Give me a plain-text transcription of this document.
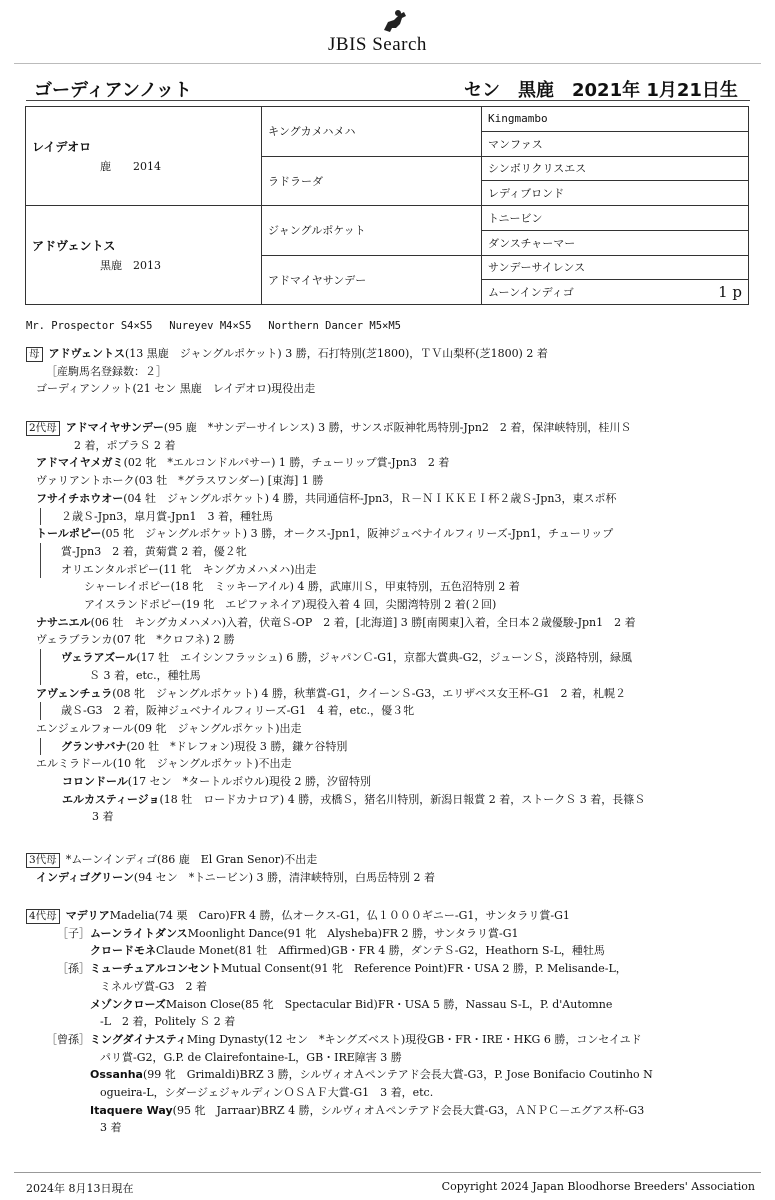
JBIS Search
ゴーディアンノット	セン　黒鹿　2021年 1月21日生
レイデオロ
鹿　　2014	キングカメハメハ	Kingmambo
		マンファス
	ラドラーダ	シンボリクリスエス
		レディブロンド

アドヴェントス
黒鹿　2013	ジャングルポケット	トニービン
		ダンスチャーマー
	アドマイヤサンデー	サンデーサイレンス

		ムーンインディゴ 1 p
Mr. Prospector S4×S5　 Nureyev M4×S5　 Northern Dancer M5×M5
母 アドヴェントス(13 黒鹿　ジャングルポケット) 3 勝，石打特別(芝1800)，ＴＶ山梨杯(芝1800) 2 着
［産駒馬名登録数：２］
ゴーディアンノット(21 セン 黒鹿　レイデオロ)現役出走
2代母 アドマイヤサンデー(95 鹿　*サンデーサイレンス) 3 勝，サンスポ阪神牝馬特別-Jpn2　2 着，保津峡特別，桂川Ｓ
2 着，ポプラＳ 2 着
アドマイヤメガミ(02 牝　*エルコンドルパサー) 1 勝，チューリップ賞-Jpn3　2 着
ヴァリアントホーク(03 牡　*グラスワンダー) [東海] 1 勝
フサイチホウオー(04 牡　ジャングルポケット) 4 勝，共同通信杯-Jpn3，Ｒ－ＮＩＫＫＥＩ杯２歳Ｓ-Jpn3，東スポ杯
２歳Ｓ-Jpn3，皐月賞-Jpn1　3 着，種牡馬
トールポピー(05 牝　ジャングルポケット) 3 勝，オークス-Jpn1，阪神ジュベナイルフィリーズ-Jpn1，チューリップ
賞-Jpn3　2 着，黄菊賞 2 着，優２牝
オリエンタルポピー(11 牝　キングカメハメハ)出走
シャーレイポピー(18 牝　ミッキーアイル) 4 勝，武庫川Ｓ，甲東特別，五色沼特別 2 着
アイスランドポピー(19 牝　エピファネイア)現役入着 4 回，尖閣湾特別 2 着(２回)
ナサニエル(06 牡　キングカメハメハ)入着，伏竜Ｓ-OP　2 着，[北海道] 3 勝[南関東]入着，全日本２歳優駿-Jpn1　2 着
ヴェラブランカ(07 牝　*クロフネ) 2 勝
ヴェラアズール(17 牡　エイシンフラッシュ) 6 勝，ジャパンＣ-G1，京都大賞典-G2，ジューンＳ，淡路特別，緑風
Ｓ 3 着，etc.，種牡馬
アヴェンチュラ(08 牝　ジャングルポケット) 4 勝，秋華賞-G1，クイーンＳ-G3，エリザベス女王杯-G1　2 着，札幌２
歳Ｓ-G3　2 着，阪神ジュベナイルフィリーズ-G1　4 着，etc.，優３牝
エンジェルフォール(09 牝　ジャングルポケット)出走
グランサバナ(20 牡　*ドレフォン)現役 3 勝，鎌ケ谷特別
エルミラドール(10 牝　ジャングルポケット)不出走
コロンドール(17 セン　*タートルボウル)現役 2 勝，汐留特別
エルカスティージョ(18 牡　ロードカナロア) 4 勝，戎橋Ｓ，猪名川特別，新潟日報賞 2 着，ストークＳ 3 着，長篠Ｓ
3 着
3代母 *ムーンインディゴ(86 鹿　El Gran Senor)不出走
インディゴグリーン(94 セン　*トニービン) 3 勝，清津峡特別，白馬岳特別 2 着
4代母 マデリアMadelia(74 栗　Caro)FR 4 勝，仏オークス-G1，仏１０００ギニー-G1，サンタラリ賞-G1
［子］ムーンライトダンスMoonlight Dance(91 牝　Alysheba)FR 2 勝，サンタラリ賞-G1
クロードモネClaude Monet(81 牡　Affirmed)GB・FR 4 勝，ダンテＳ-G2，Heathorn S-L，種牡馬
［孫］ミューチュアルコンセントMutual Consent(91 牝　Reference Point)FR・USA 2 勝，P. Melisande-L，
ミネルヴ賞-G3　2 着
メゾンクローズMaison Close(85 牝　Spectacular Bid)FR・USA 5 勝，Nassau S-L，P. d'Automne
-L　2 着，Politely Ｓ 2 着
［曾孫］ミングダイナスティMing Dynasty(12 セン　*キングズベスト)現役GB・FR・IRE・HKG 6 勝，コンセイユド
パリ賞-G2，G.P. de Clairefontaine-L，GB・IRE障害 3 勝
Ossanha(99 牝　Grimaldi)BRZ 3 勝，シルヴィオＡペンテアド会長大賞-G3，P. Jose Bonifacio Coutinho N
ogueira-L，シダージェジャルディンＯＳＡＦ大賞-G1　3 着，etc.
Itaquere Way(95 牝　Jarraar)BRZ 4 勝，シルヴィオＡペンテアド会長大賞-G3，ＡＮＰＣ－エグアス杯-G3
3 着
2024年 8月13日現在	Copyright 2024 Japan Bloodhorse Breeders' Association
